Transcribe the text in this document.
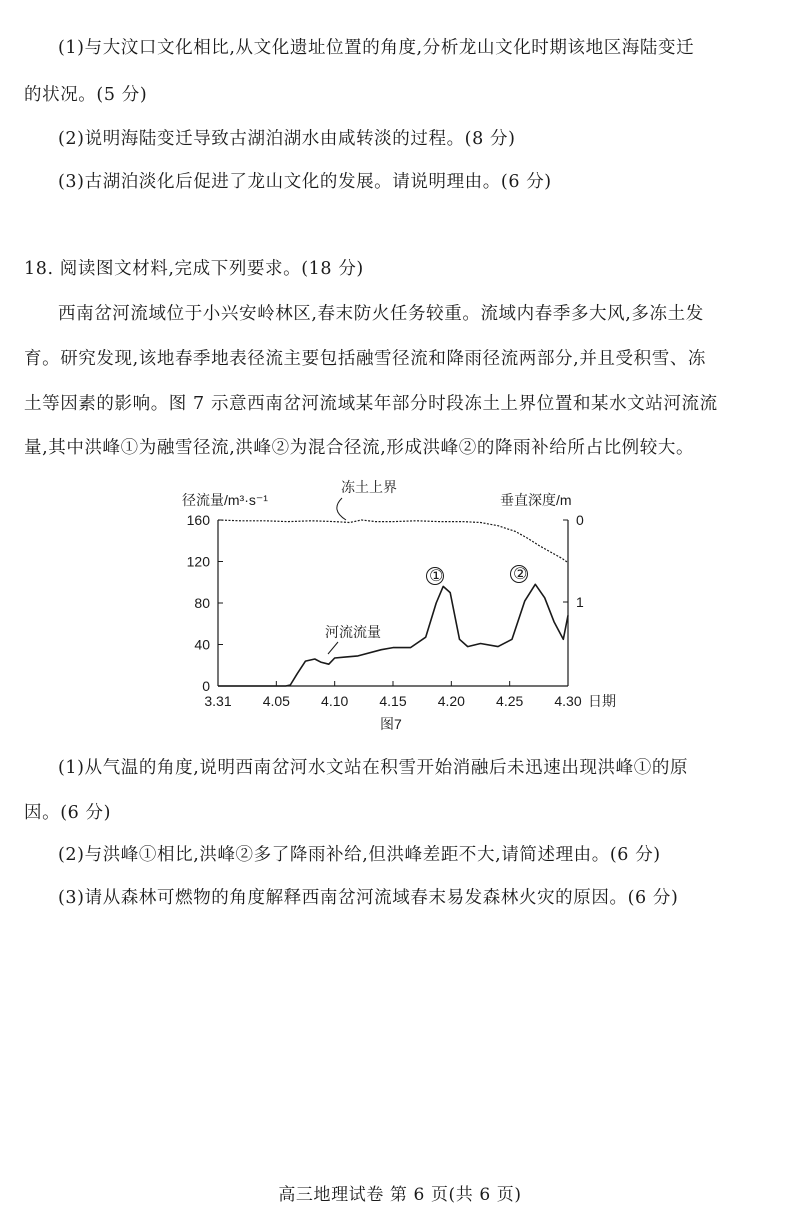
(1)与大汶口文化相比,从文化遗址位置的角度,分析龙山文化时期该地区海陆变迁
的状况。(5 分)
(2)说明海陆变迁导致古湖泊湖水由咸转淡的过程。(8 分)
(3)古湖泊淡化后促进了龙山文化的发展。请说明理由。(6 分)
18. 阅读图文材料,完成下列要求。(18 分)
西南岔河流域位于小兴安岭林区,春末防火任务较重。流域内春季多大风,多冻土发
育。研究发现,该地春季地表径流主要包括融雪径流和降雨径流两部分,并且受积雪、冻
土等因素的影响。图 7 示意西南岔河流域某年部分时段冻土上界位置和某水文站河流流
量,其中洪峰①为融雪径流,洪峰②为混合径流,形成洪峰②的降雨补给所占比例较大。
0
40
80
120
160	0
1
3.31 4.05 4.10 4.15 4.20 4.25 4.30
径流量/m³·s⁻¹	垂直深度/m
日期
图7
冻土上界
河流流量
①	②
(1)从气温的角度,说明西南岔河水文站在积雪开始消融后未迅速出现洪峰①的原
因。(6 分)
(2)与洪峰①相比,洪峰②多了降雨补给,但洪峰差距不大,请简述理由。(6 分)
(3)请从森林可燃物的角度解释西南岔河流域春末易发森林火灾的原因。(6 分)
高三地理试卷 第 6 页(共 6 页)
